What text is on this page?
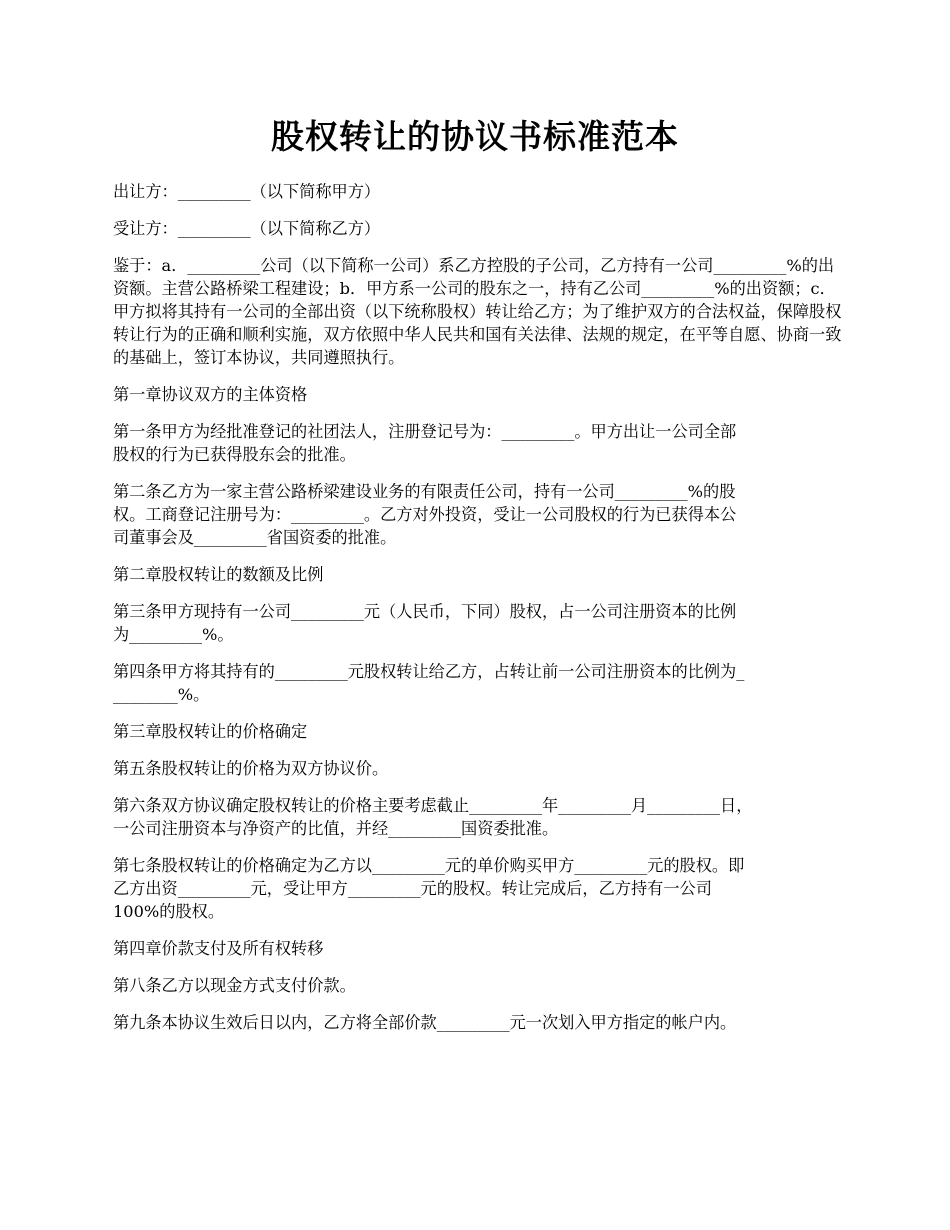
股权转让的协议书标准范本

出让方：_________（以下简称甲方）

受让方：_________（以下简称乙方）

鉴于：a．_________公司（以下简称一公司）系乙方控股的子公司，乙方持有一公司_________%的出资额。主营公路桥梁工程建设；b．甲方系一公司的股东之一，持有乙公司_________%的出资额；c．甲方拟将其持有一公司的全部出资（以下统称股权）转让给乙方；为了维护双方的合法权益，保障股权转让行为的正确和顺利实施，双方依照中华人民共和国有关法律、法规的规定，在平等自愿、协商一致的基础上，签订本协议，共同遵照执行。

第一章协议双方的主体资格

第一条甲方为经批准登记的社团法人，注册登记号为：_________。甲方出让一公司全部
股权的行为已获得股东会的批准。

第二条乙方为一家主营公路桥梁建设业务的有限责任公司，持有一公司_________%的股
权。工商登记注册号为：_________。乙方对外投资，受让一公司股权的行为已获得本公
司董事会及_________省国资委的批准。

第二章股权转让的数额及比例

第三条甲方现持有一公司_________元（人民币，下同）股权，占一公司注册资本的比例
为_________%。

第四条甲方将其持有的_________元股权转让给乙方，占转让前一公司注册资本的比例为_
________%。

第三章股权转让的价格确定

第五条股权转让的价格为双方协议价。

第六条双方协议确定股权转让的价格主要考虑截止_________年_________月_________日，
一公司注册资本与净资产的比值，并经_________国资委批准。

第七条股权转让的价格确定为乙方以_________元的单价购买甲方_________元的股权。即
乙方出资_________元，受让甲方_________元的股权。转让完成后，乙方持有一公司
100%的股权。

第四章价款支付及所有权转移

第八条乙方以现金方式支付价款。

第九条本协议生效后日以内，乙方将全部价款_________元一次划入甲方指定的帐户内。
